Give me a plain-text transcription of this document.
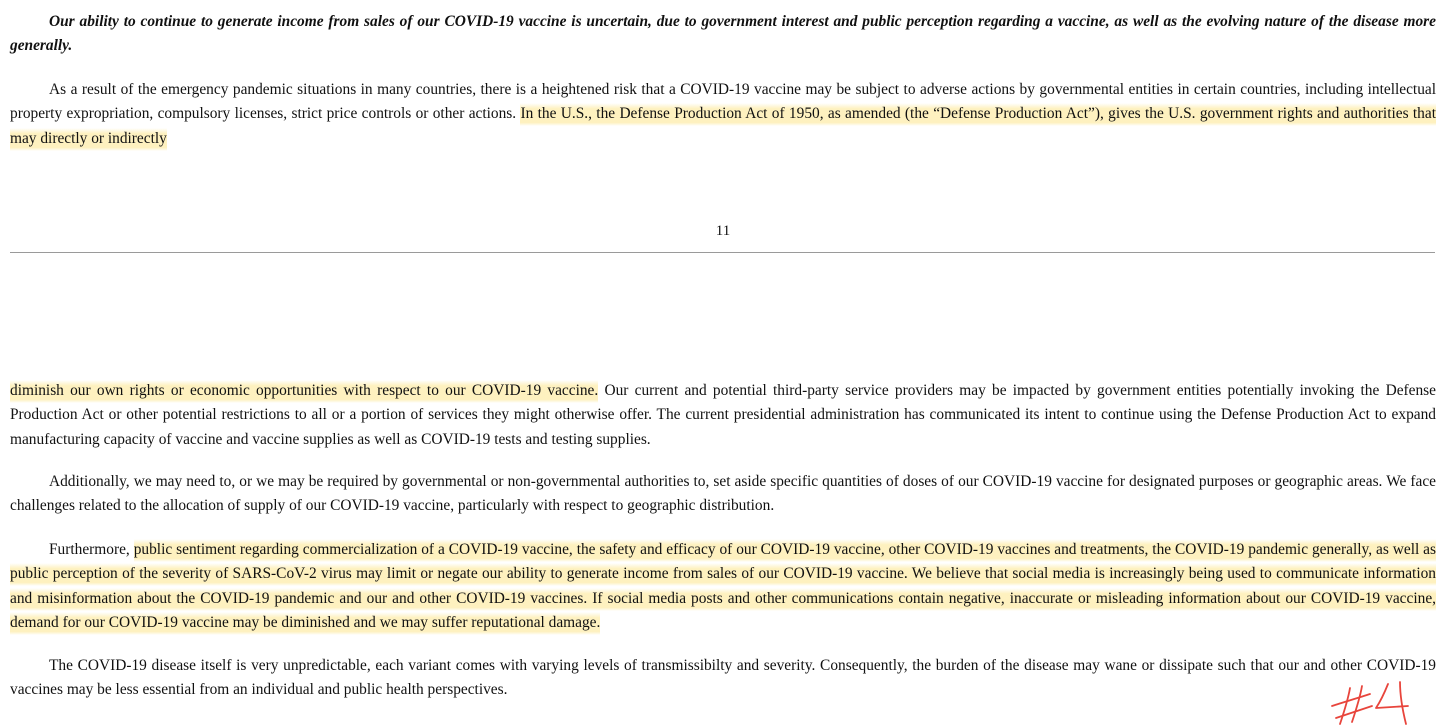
Our ability to continue to generate income from sales of our COVID-19 vaccine is uncertain, due to government interest and public perception regarding a vaccine, as well as the evolving nature of the disease more generally.

As a result of the emergency pandemic situations in many countries, there is a heightened risk that a COVID-19 vaccine may be subject to adverse actions by governmental entities in certain countries, including intellectual property expropriation, compulsory licenses, strict price controls or other actions. In the U.S., the Defense Production Act of 1950, as amended (the “Defense Production Act”), gives the U.S. government rights and authorities that may directly or indirectly

11

diminish our own rights or economic opportunities with respect to our COVID-19 vaccine. Our current and potential third-party service providers may be impacted by government entities potentially invoking the Defense Production Act or other potential restrictions to all or a portion of services they might otherwise offer. The current presidential administration has communicated its intent to continue using the Defense Production Act to expand manufacturing capacity of vaccine and vaccine supplies as well as COVID-19 tests and testing supplies.

Additionally, we may need to, or we may be required by governmental or non-governmental authorities to, set aside specific quantities of doses of our COVID-19 vaccine for designated purposes or geographic areas. We face challenges related to the allocation of supply of our COVID-19 vaccine, particularly with respect to geographic distribution.

Furthermore, public sentiment regarding commercialization of a COVID-19 vaccine, the safety and efficacy of our COVID-19 vaccine, other COVID-19 vaccines and treatments, the COVID-19 pandemic generally, as well as public perception of the severity of SARS-CoV-2 virus may limit or negate our ability to generate income from sales of our COVID-19 vaccine. We believe that social media is increasingly being used to communicate information and misinformation about the COVID-19 pandemic and our and other COVID-19 vaccines. If social media posts and other communications contain negative, inaccurate or misleading information about our COVID-19 vaccine, demand for our COVID-19 vaccine may be diminished and we may suffer reputational damage.

The COVID-19 disease itself is very unpredictable, each variant comes with varying levels of transmissibilty and severity. Consequently, the burden of the disease may wane or dissipate such that our and other COVID-19 vaccines may be less essential from an individual and public health perspectives.
